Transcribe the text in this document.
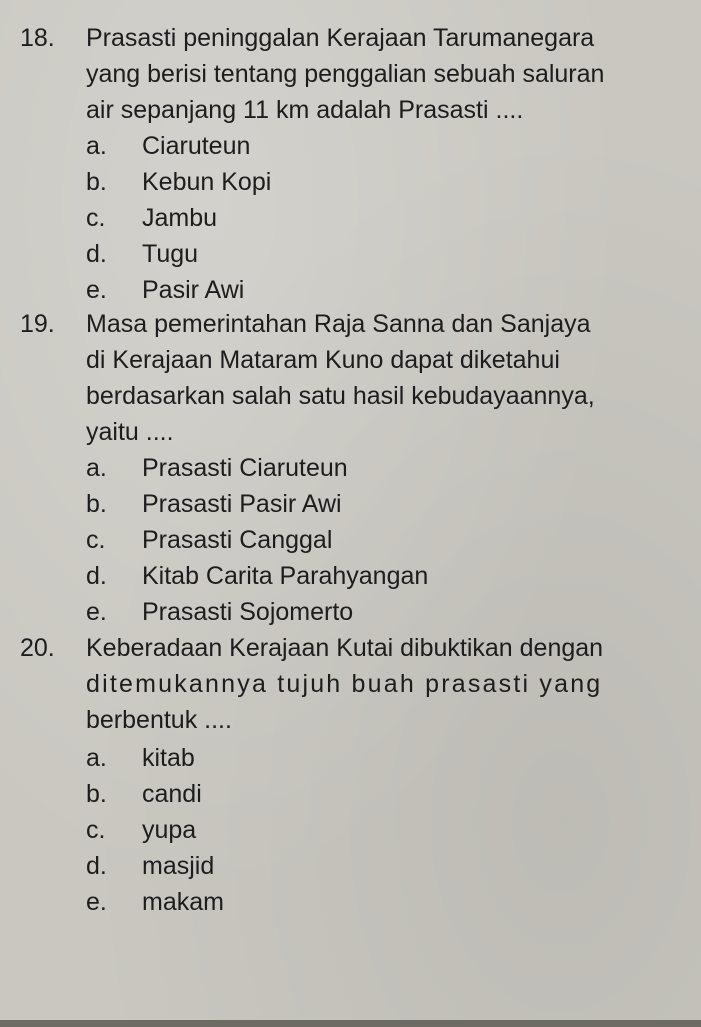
18. Prasasti peninggalan Kerajaan Tarumanegara
yang berisi tentang penggalian sebuah saluran
air sepanjang 11 km adalah Prasasti ....
a. Ciaruteun
b. Kebun Kopi
c. Jambu
d. Tugu
e. Pasir Awi
19. Masa pemerintahan Raja Sanna dan Sanjaya
di Kerajaan Mataram Kuno dapat diketahui
berdasarkan salah satu hasil kebudayaannya,
yaitu ....
a. Prasasti Ciaruteun
b. Prasasti Pasir Awi
c. Prasasti Canggal
d. Kitab Carita Parahyangan
e. Prasasti Sojomerto
20. Keberadaan Kerajaan Kutai dibuktikan dengan
ditemukannya tujuh buah prasasti yang
berbentuk ....
a. kitab
b. candi
c. yupa
d. masjid
e. makam
